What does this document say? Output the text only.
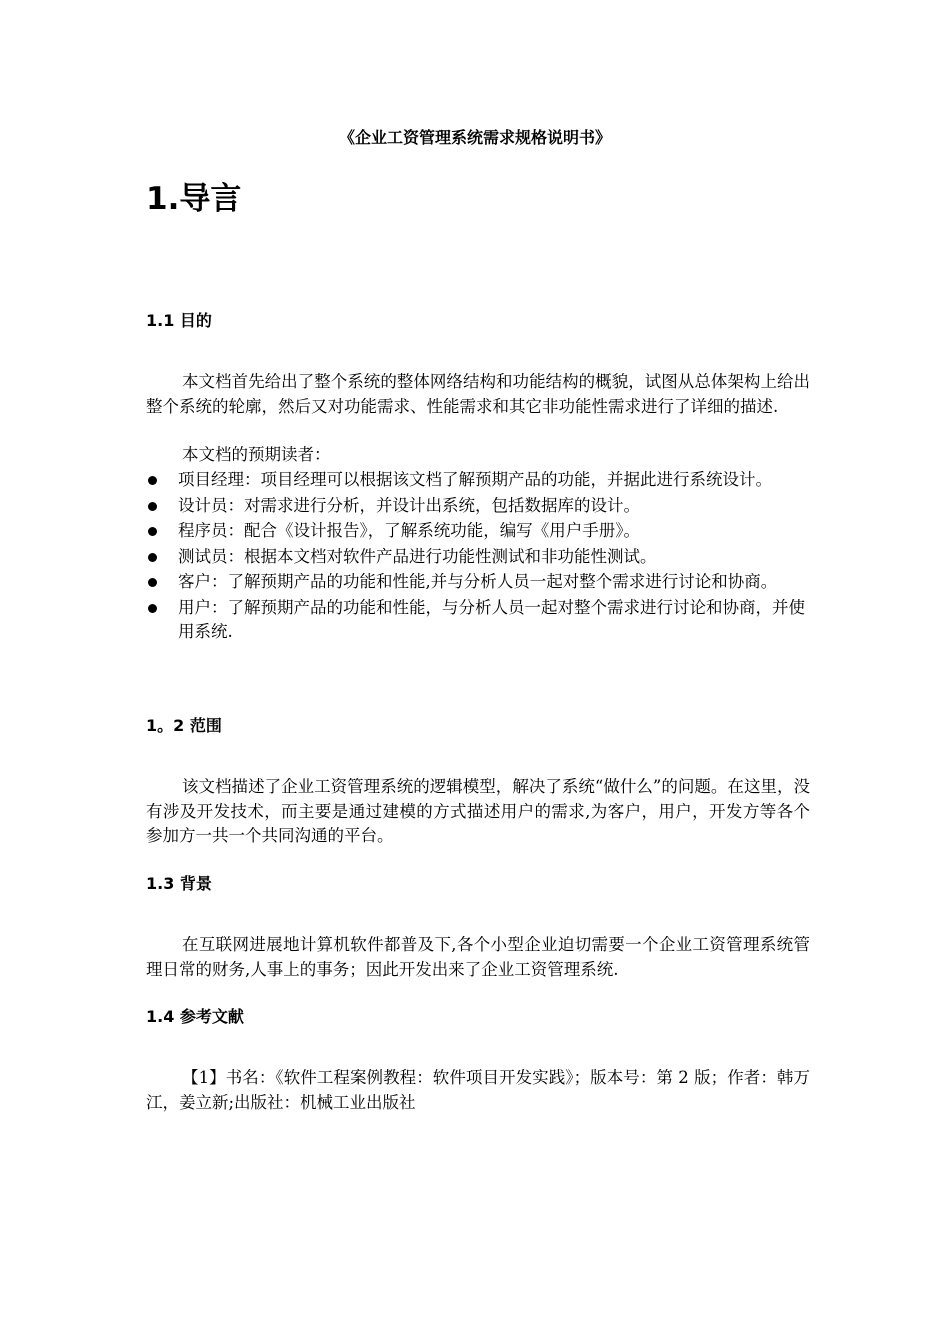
《企业工资管理系统需求规格说明书》
1.导言
1.1 目的

本文档首先给出了整个系统的整体网络结构和功能结构的概貌，试图从总体架构上给出整个系统的轮廓，然后又对功能需求、性能需求和其它非功能性需求进行了详细的描述.

本文档的预期读者：

项目经理：项目经理可以根据该文档了解预期产品的功能，并据此进行系统设计。
设计员：对需求进行分析，并设计出系统，包括数据库的设计。
程序员：配合《设计报告》，了解系统功能，编写《用户手册》。
测试员：根据本文档对软件产品进行功能性测试和非功能性测试。
客户：了解预期产品的功能和性能,并与分析人员一起对整个需求进行讨论和协商。
用户：了解预期产品的功能和性能，与分析人员一起对整个需求进行讨论和协商，并使用系统.
1。2 范围

该文档描述了企业工资管理系统的逻辑模型，解决了系统“做什么”的问题。在这里，没有涉及开发技术，而主要是通过建模的方式描述用户的需求,为客户，用户，开发方等各个参加方一共一个共同沟通的平台。

1.3 背景

在互联网进展地计算机软件都普及下,各个小型企业迫切需要一个企业工资管理系统管理日常的财务,人事上的事务；因此开发出来了企业工资管理系统.

1.4 参考文献

【1】书名：《软件工程案例教程：软件项目开发实践》；版本号：第 2 版；作者：韩万江，姜立新;出版社：机械工业出版社
